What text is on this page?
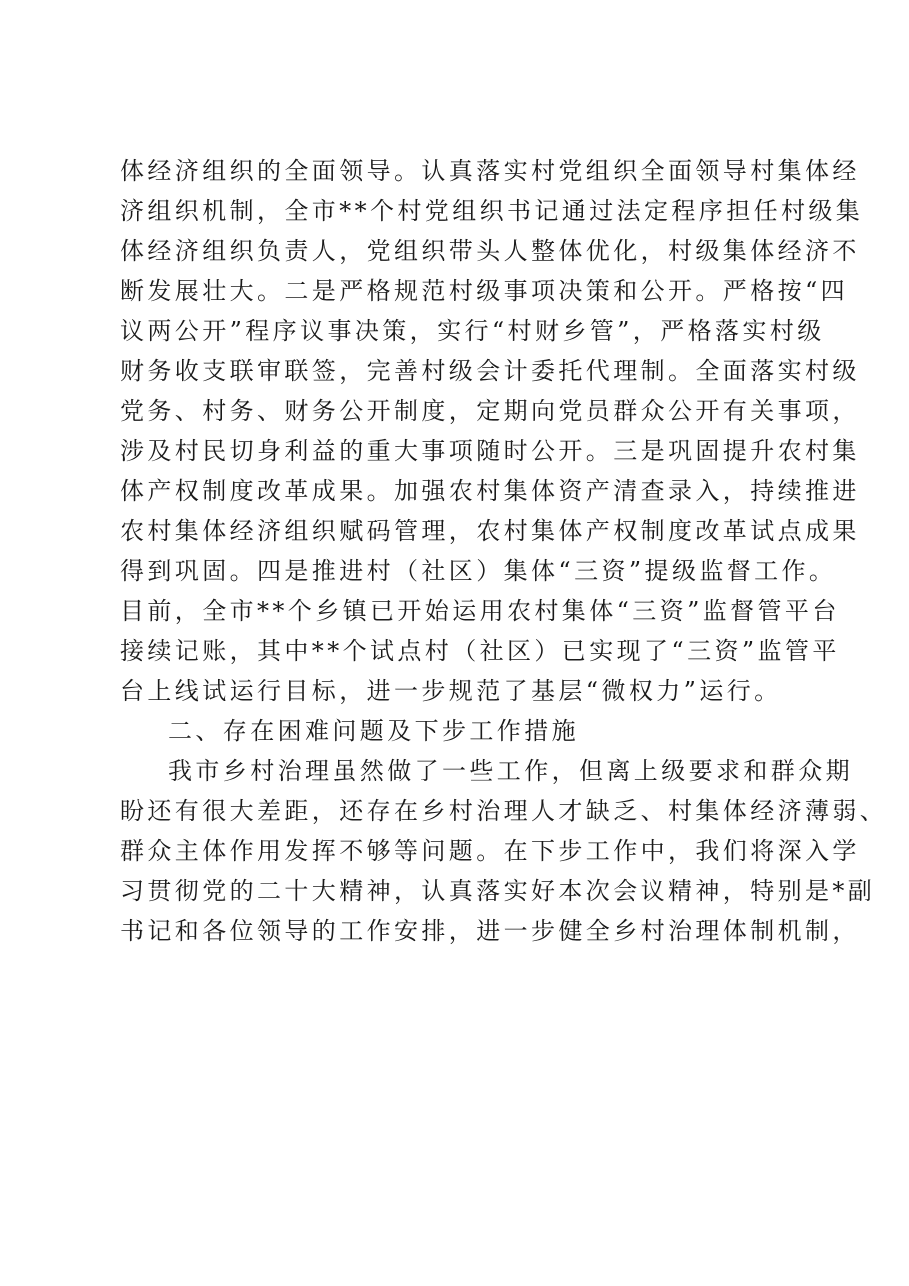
体经济组织的全面领导。认真落实村党组织全面领导村集体经
济组织机制，全市**个村党组织书记通过法定程序担任村级集
体经济组织负责人，党组织带头人整体优化，村级集体经济不
断发展壮大。二是严格规范村级事项决策和公开。严格按“四
议两公开”程序议事决策，实行“村财乡管”，严格落实村级
财务收支联审联签，完善村级会计委托代理制。全面落实村级
党务、村务、财务公开制度，定期向党员群众公开有关事项，
涉及村民切身利益的重大事项随时公开。三是巩固提升农村集
体产权制度改革成果。加强农村集体资产清查录入，持续推进
农村集体经济组织赋码管理，农村集体产权制度改革试点成果
得到巩固。四是推进村（社区）集体“三资”提级监督工作。
目前，全市**个乡镇已开始运用农村集体“三资”监督管平台
接续记账，其中**个试点村（社区）已实现了“三资”监管平
台上线试运行目标，进一步规范了基层“微权力”运行。
二、存在困难问题及下步工作措施
我市乡村治理虽然做了一些工作，但离上级要求和群众期
盼还有很大差距，还存在乡村治理人才缺乏、村集体经济薄弱、
群众主体作用发挥不够等问题。在下步工作中，我们将深入学
习贯彻党的二十大精神，认真落实好本次会议精神，特别是*副
书记和各位领导的工作安排，进一步健全乡村治理体制机制，
